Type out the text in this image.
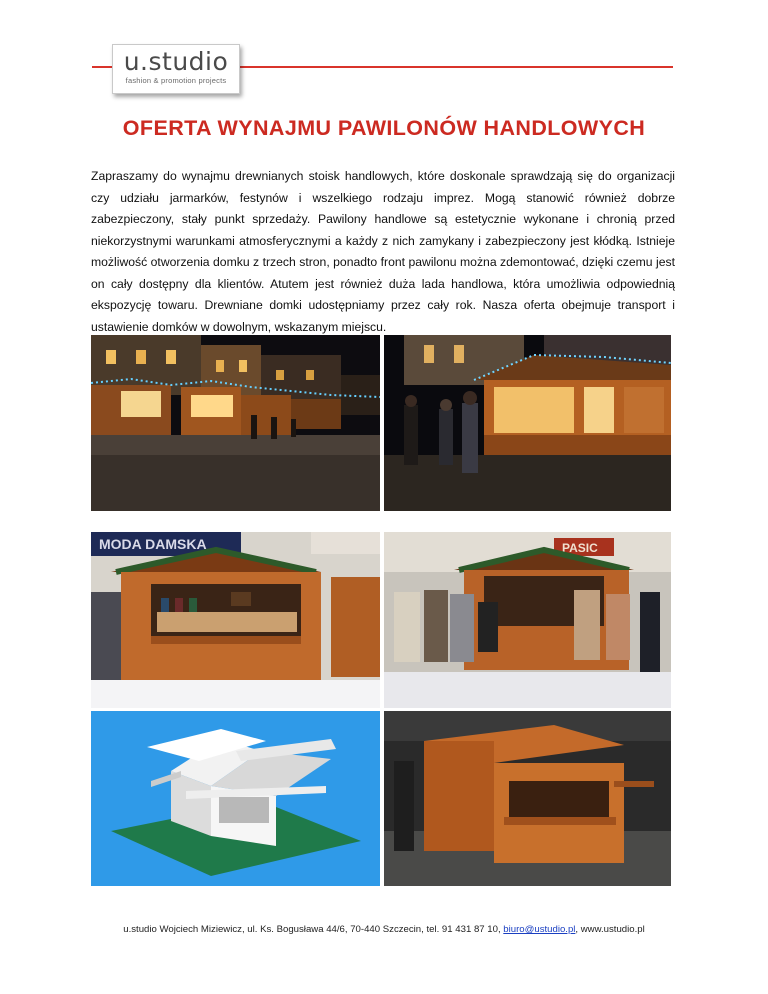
u.studio
fashion & promotion projects
OFERTA WYNAJMU PAWILONÓW HANDLOWYCH

Zapraszamy do wynajmu drewnianych stoisk handlowych, które doskonale sprawdzają się do organizacji czy udziału jarmarków, festynów i wszelkiego rodzaju imprez. Mogą stanowić również dobrze zabezpieczony, stały punkt sprzedaży. Pawilony handlowe są estetycznie wykonane i chronią przed niekorzystnymi warunkami atmosferycznymi a każdy z nich zamykany i zabezpieczony jest kłódką. Istnieje możliwość otworzenia domku z trzech stron, ponadto front pawilonu można zdemontować, dzięki czemu jest on cały dostępny dla klientów. Atutem jest również duża lada handlowa, która umożliwia odpowiednią ekspozycję towaru. Drewniane domki udostępniamy przez cały rok. Nasza oferta obejmuje transport i ustawienie domków w dowolnym, wskazanym miejscu.

MODA DAMSKA	PASIC

u.studio Wojciech Miziewicz, ul. Ks. Bogusława 44/6, 70-440 Szczecin, tel. 91 431 87 10, biuro@ustudio.pl, www.ustudio.pl
